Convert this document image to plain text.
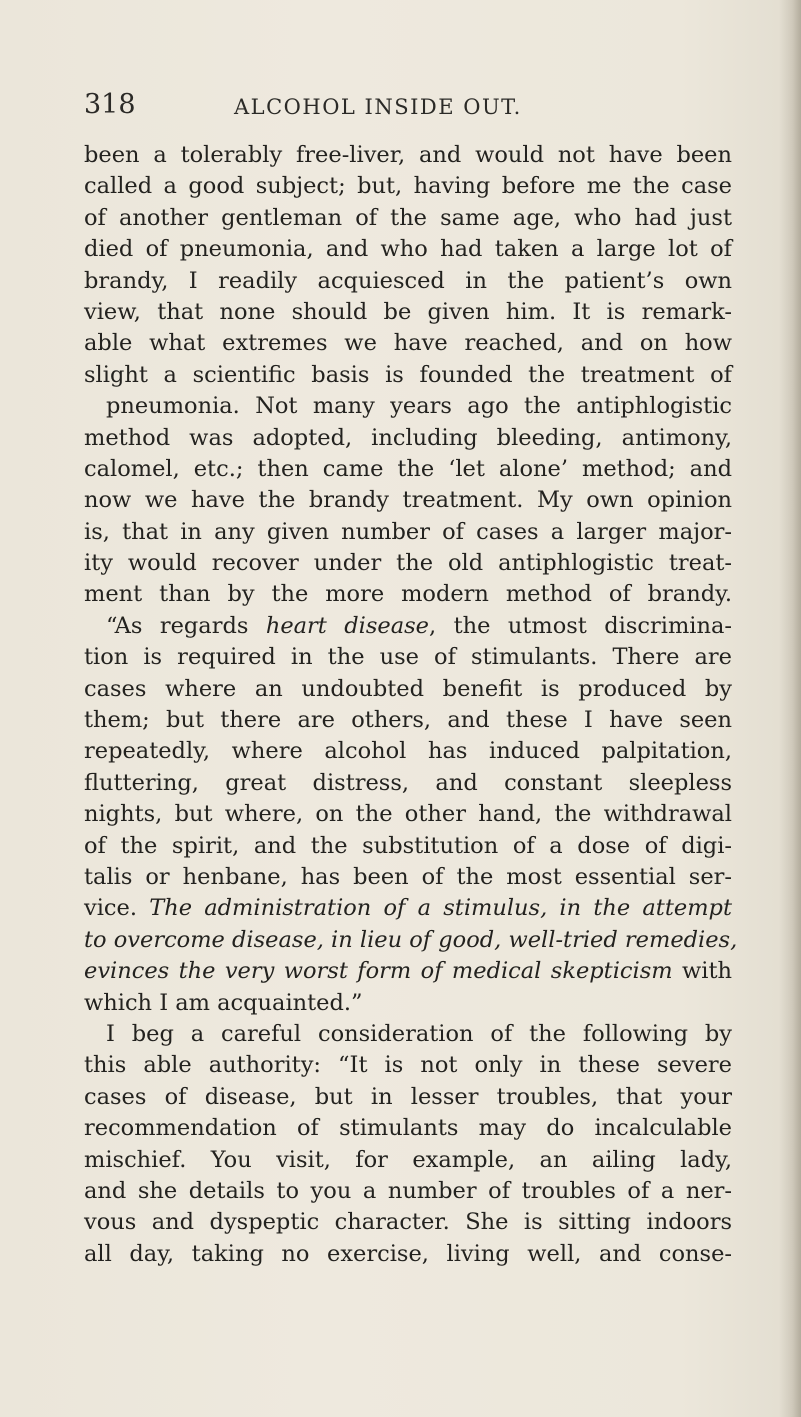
318	ALCOHOL INSIDE OUT.
been a tolerably free-liver, and would not have been
called a good subject; but, having before me the case
of another gentleman of the same age, who had just
died of pneumonia, and who had taken a large lot of
brandy, I readily acquiesced in the patient’s own
view, that none should be given him. It is remark-
able what extremes we have reached, and on how
slight a scientific basis is founded the treatment of
pneumonia. Not many years ago the antiphlogistic
method was adopted, including bleeding, antimony,
calomel, etc.; then came the ‘let alone’ method; and
now we have the brandy treatment. My own opinion
is, that in any given number of cases a larger major-
ity would recover under the old antiphlogistic treat-
ment than by the more modern method of brandy.
“As regards heart disease, the utmost discrimina-
tion is required in the use of stimulants. There are
cases where an undoubted benefit is produced by
them; but there are others, and these I have seen
repeatedly, where alcohol has induced palpitation,
fluttering, great distress, and constant sleepless
nights, but where, on the other hand, the withdrawal
of the spirit, and the substitution of a dose of digi-
talis or henbane, has been of the most essential ser-
vice. The administration of a stimulus, in the attempt
to overcome disease, in lieu of good, well-tried remedies,
evinces the very worst form of medical skepticism with
which I am acquainted.”
I beg a careful consideration of the following by
this able authority: “It is not only in these severe
cases of disease, but in lesser troubles, that your
recommendation of stimulants may do incalculable
mischief. You visit, for example, an ailing lady,
and she details to you a number of troubles of a ner-
vous and dyspeptic character. She is sitting indoors
all day, taking no exercise, living well, and conse-
